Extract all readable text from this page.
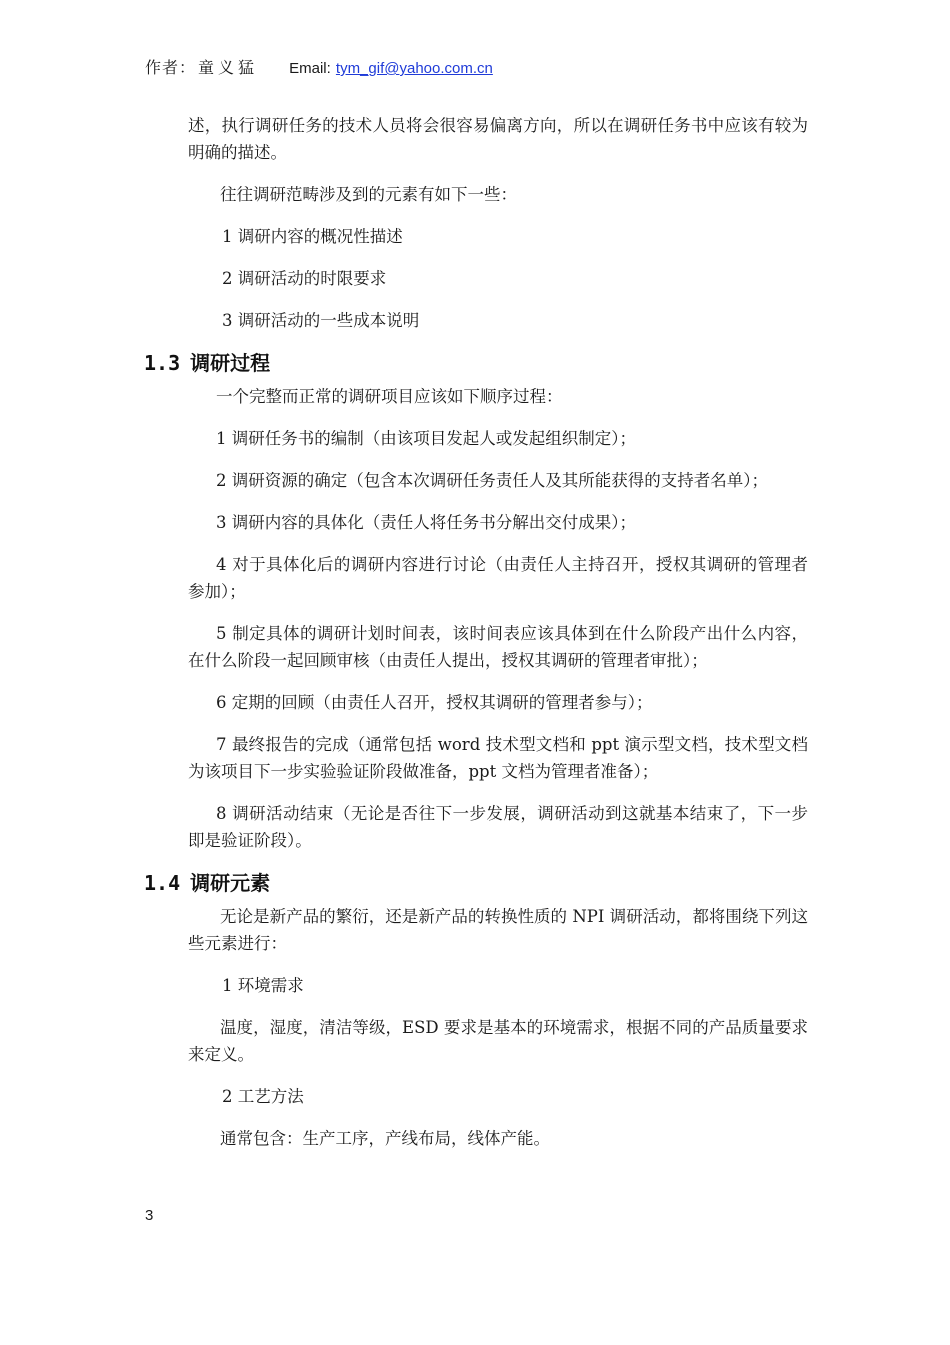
作者： 童义猛 Email: tym_gif@yahoo.com.cn

述，执行调研任务的技术人员将会很容易偏离方向，所以在调研任务书中应该有较为明确的描述。

往往调研范畴涉及到的元素有如下一些：

1 调研内容的概况性描述

2 调研活动的时限要求

3 调研活动的一些成本说明

1.3 调研过程

一个完整而正常的调研项目应该如下顺序过程：

1 调研任务书的编制（由该项目发起人或发起组织制定）；

2 调研资源的确定（包含本次调研任务责任人及其所能获得的支持者名单）；

3 调研内容的具体化（责任人将任务书分解出交付成果）；

4 对于具体化后的调研内容进行讨论（由责任人主持召开，授权其调研的管理者参加）；

5 制定具体的调研计划时间表，该时间表应该具体到在什么阶段产出什么内容，在什么阶段一起回顾审核（由责任人提出，授权其调研的管理者审批）；

6 定期的回顾（由责任人召开，授权其调研的管理者参与）；

7 最终报告的完成（通常包括 word 技术型文档和 ppt 演示型文档，技术型文档为该项目下一步实验验证阶段做准备，ppt 文档为管理者准备）；

8 调研活动结束（无论是否往下一步发展，调研活动到这就基本结束了，下一步即是验证阶段）。

1.4 调研元素

无论是新产品的繁衍，还是新产品的转换性质的 NPI 调研活动，都将围绕下列这些元素进行：

1 环境需求

温度，湿度，清洁等级，ESD 要求是基本的环境需求，根据不同的产品质量要求来定义。

2 工艺方法

通常包含：生产工序，产线布局，线体产能。

3
